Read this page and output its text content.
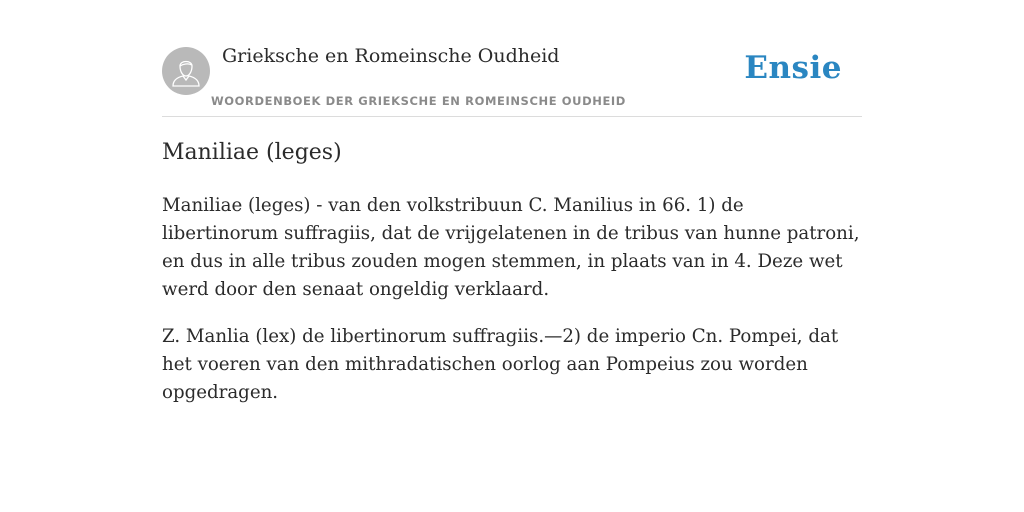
Grieksche en Romeinsche Oudheid
WOORDENBOEK DER GRIEKSCHE EN ROMEINSCHE OUDHEID
Ensie
Maniliae (leges)

Maniliae (leges) - van den volkstribuun C. Manilius in 66. 1) de libertinorum suffragiis, dat de vrijgelatenen in de tribus van hunne patroni, en dus in alle tribus zouden mogen stemmen, in plaats van in 4. Deze wet werd door den senaat ongeldig verklaard.

Z. Manlia (lex) de libertinorum suffragiis.—2) de imperio Cn. Pompei, dat het voeren van den mithradatischen oorlog aan Pompeius zou worden opgedragen.
